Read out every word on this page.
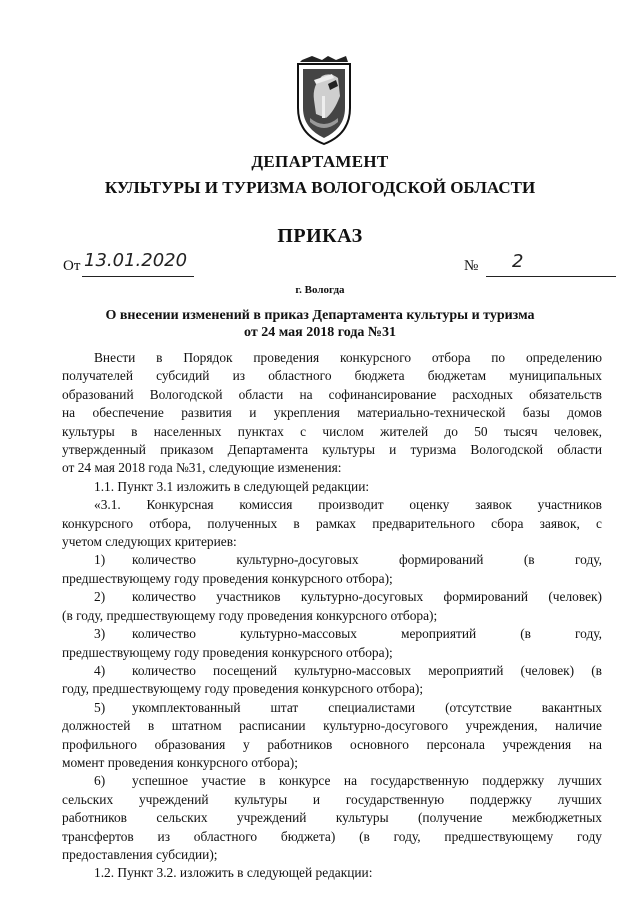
ДЕПАРТАМЕНТ
КУЛЬТУРЫ И ТУРИЗМА ВОЛОГОДСКОЙ ОБЛАСТИ
ПРИКАЗ
От 13.01.2020	№ 2
г. Вологда
О внесении изменений в приказ Департамента культуры и туризма
от 24 мая 2018 года №31
Внести в Порядок проведения конкурсного отбора по определению
получателей субсидий из областного бюджета бюджетам муниципальных
образований Вологодской области на софинансирование расходных обязательств
на обеспечение развития и укрепления материально-технической базы домов
культуры в населенных пунктах с числом жителей до 50 тысяч человек,
утвержденный приказом Департамента культуры и туризма Вологодской области
от 24 мая 2018 года №31, следующие изменения:
1.1. Пункт 3.1 изложить в следующей редакции:
«3.1. Конкурсная комиссия производит оценку заявок участников
конкурсного отбора, полученных в рамках предварительного сбора заявок, с
учетом следующих критериев:
1)	количество культурно-досуговых формирований (в году,
предшествующему году проведения конкурсного отбора);
2)	количество участников культурно-досуговых формирований (человек)
(в году, предшествующему году проведения конкурсного отбора);
3)	количество культурно-массовых мероприятий (в году,
предшествующему году проведения конкурсного отбора);
4)	количество посещений культурно-массовых мероприятий (человек) (в
году, предшествующему году проведения конкурсного отбора);
5)	укомплектованный штат специалистами (отсутствие вакантных
должностей в штатном расписании культурно-досугового учреждения, наличие
профильного образования у работников основного персонала учреждения на
момент проведения конкурсного отбора);
6)	успешное участие в конкурсе на государственную поддержку лучших
сельских учреждений культуры и государственную поддержку лучших
работников сельских учреждений культуры (получение межбюджетных
трансфертов из областного бюджета) (в году, предшествующему году
предоставления субсидии);
1.2. Пункт 3.2. изложить в следующей редакции:
